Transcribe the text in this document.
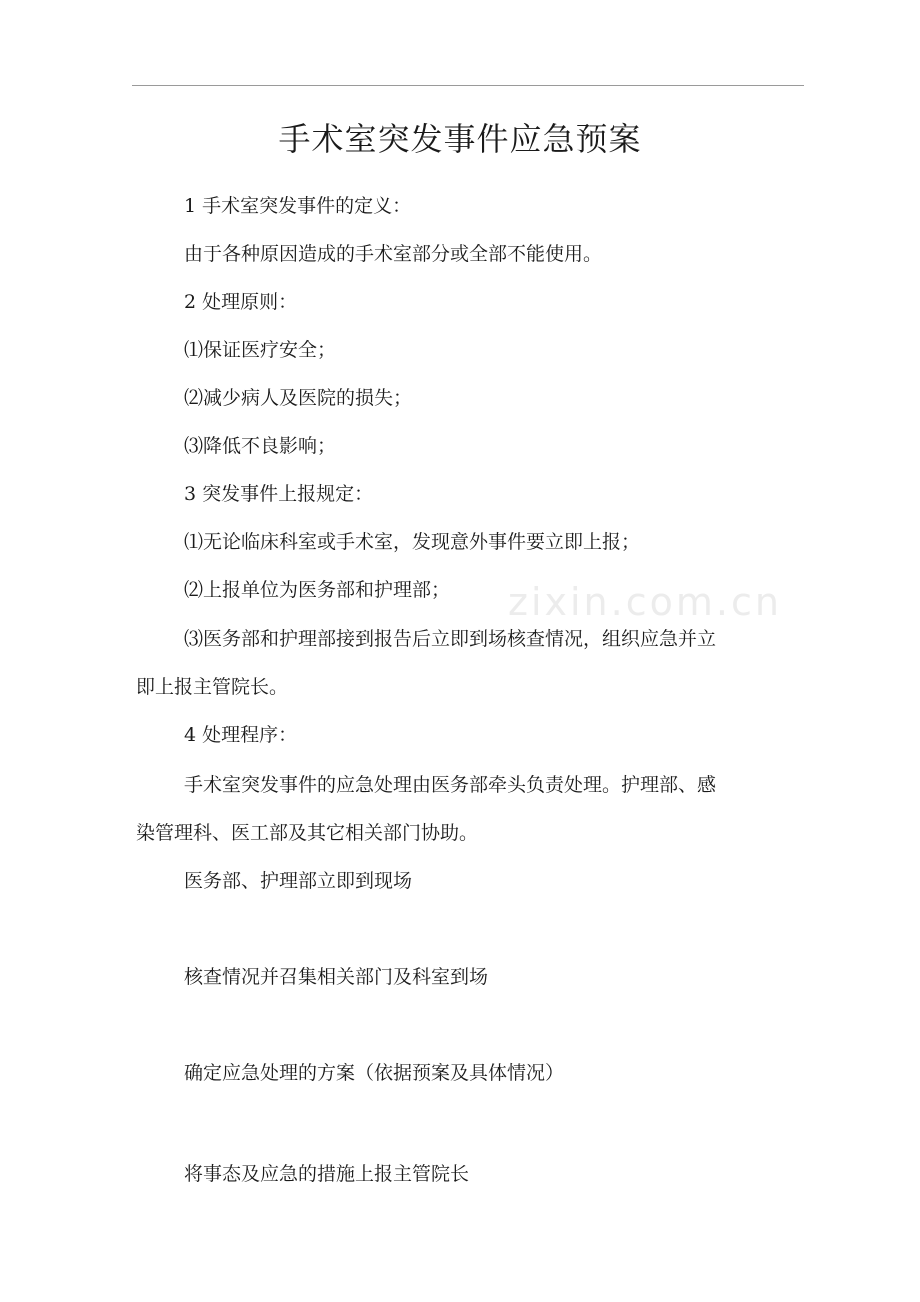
zixin.com.cn
手术室突发事件应急预案

1 手术室突发事件的定义：

由于各种原因造成的手术室部分或全部不能使用。

2 处理原则：

⑴保证医疗安全；

⑵减少病人及医院的损失；

⑶降低不良影响；

3 突发事件上报规定：

⑴无论临床科室或手术室，发现意外事件要立即上报；

⑵上报单位为医务部和护理部；

⑶医务部和护理部接到报告后立即到场核查情况，组织应急并立

即上报主管院长。

4 处理程序：

手术室突发事件的应急处理由医务部牵头负责处理。护理部、感

染管理科、医工部及其它相关部门协助。

医务部、护理部立即到现场

核查情况并召集相关部门及科室到场

确定应急处理的方案（依据预案及具体情况）

将事态及应急的措施上报主管院长
